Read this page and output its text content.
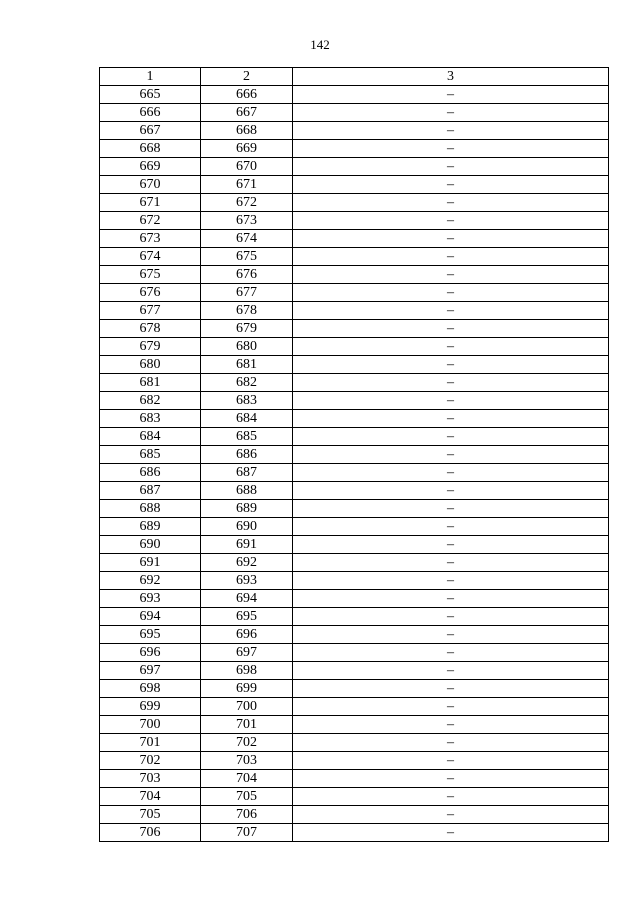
142
1	2	3
665	666	–
666	667	–
667	668	–
668	669	–
669	670	–
670	671	–
671	672	–
672	673	–
673	674	–
674	675	–
675	676	–
676	677	–
677	678	–
678	679	–
679	680	–
680	681	–
681	682	–
682	683	–
683	684	–
684	685	–
685	686	–
686	687	–
687	688	–
688	689	–
689	690	–
690	691	–
691	692	–
692	693	–
693	694	–
694	695	–
695	696	–
696	697	–
697	698	–
698	699	–
699	700	–
700	701	–
701	702	–
702	703	–
703	704	–
704	705	–
705	706	–
706	707	–
